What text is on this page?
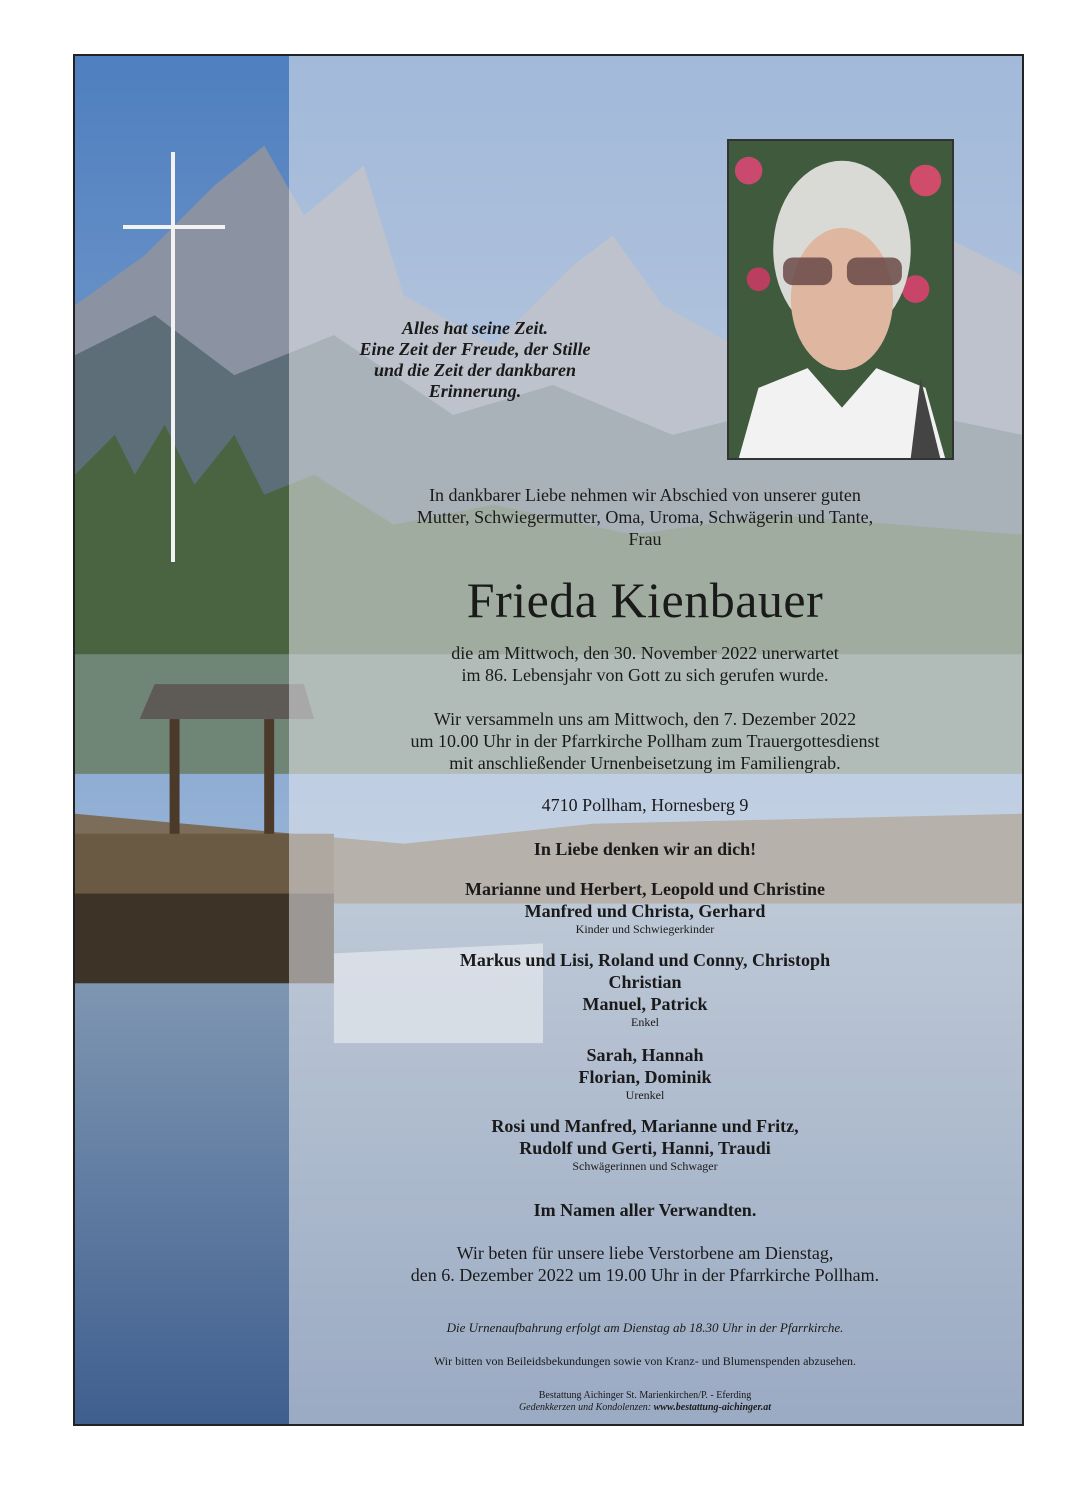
Alles hat seine Zeit.
Eine Zeit der Freude, der Stille
und die Zeit der dankbaren
Erinnerung.
In dankbarer Liebe nehmen wir Abschied von unserer guten
Mutter, Schwiegermutter, Oma, Uroma, Schwägerin und Tante,
Frau
Frieda Kienbauer
die am Mittwoch, den 30. November 2022 unerwartet
im 86. Lebensjahr von Gott zu sich gerufen wurde.
Wir versammeln uns am Mittwoch, den 7. Dezember 2022
um 10.00 Uhr in der Pfarrkirche Pollham zum Trauergottesdienst
mit anschließender Urnenbeisetzung im Familiengrab.
4710 Pollham, Hornesberg 9
In Liebe denken wir an dich!
Marianne und Herbert, Leopold und Christine
Manfred und Christa, Gerhard
Kinder und Schwiegerkinder
Markus und Lisi, Roland und Conny, Christoph
Christian
Manuel, Patrick
Enkel
Sarah, Hannah
Florian, Dominik
Urenkel
Rosi und Manfred, Marianne und Fritz,
Rudolf und Gerti, Hanni, Traudi
Schwägerinnen und Schwager
Im Namen aller Verwandten.
Wir beten für unsere liebe Verstorbene am Dienstag,
den 6. Dezember 2022 um 19.00 Uhr in der Pfarrkirche Pollham.
Die Urnenaufbahrung erfolgt am Dienstag ab 18.30 Uhr in der Pfarrkirche.
Wir bitten von Beileidsbekundungen sowie von Kranz- und Blumenspenden abzusehen.
Bestattung Aichinger St. Marienkirchen/P. - Eferding
Gedenkkerzen und Kondolenzen: www.bestattung-aichinger.at
